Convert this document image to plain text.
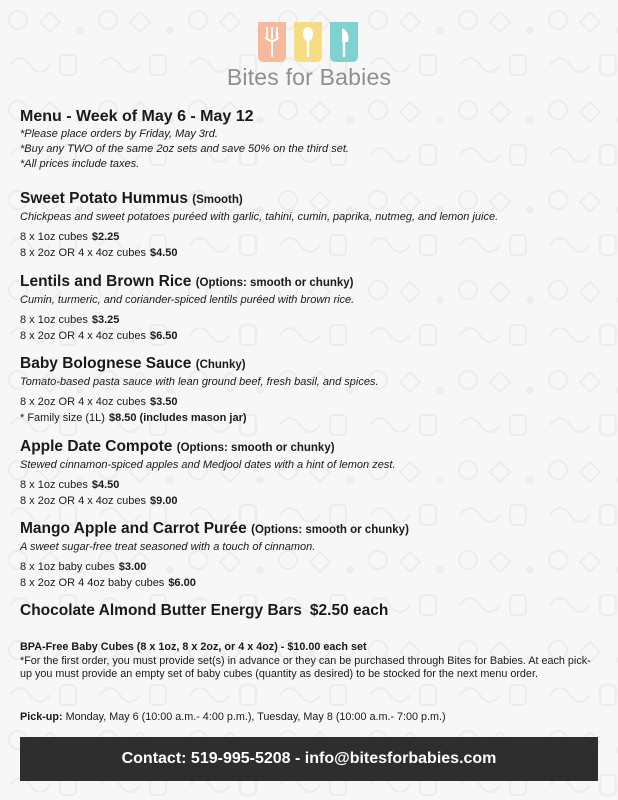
Bites for Babies
Menu - Week of May 6 - May 12
*Please place orders by Friday, May 3rd.
*Buy any TWO of the same 2oz sets and save 50% on the third set.
*All prices include taxes.
Sweet Potato Hummus (Smooth)
Chickpeas and sweet potatoes puréed with garlic, tahini, cumin, paprika, nutmeg, and lemon juice.
8 x 1oz cubes $2.25
8 x 2oz OR 4 x 4oz cubes $4.50
Lentils and Brown Rice (Options: smooth or chunky)
Cumin, turmeric, and coriander-spiced lentils puréed with brown rice.
8 x 1oz cubes $3.25
8 x 2oz OR 4 x 4oz cubes $6.50
Baby Bolognese Sauce (Chunky)
Tomato-based pasta sauce with lean ground beef, fresh basil, and spices.
8 x 2oz OR 4 x 4oz cubes $3.50
* Family size (1L) $8.50 (includes mason jar)
Apple Date Compote (Options: smooth or chunky)
Stewed cinnamon-spiced apples and Medjool dates with a hint of lemon zest.
8 x 1oz cubes $4.50
8 x 2oz OR 4 x 4oz cubes $9.00
Mango Apple and Carrot Purée (Options: smooth or chunky)
A sweet sugar-free treat seasoned with a touch of cinnamon.
8 x 1oz baby cubes $3.00
8 x 2oz OR 4 4oz baby cubes $6.00
Chocolate Almond Butter Energy Bars $2.50 each
BPA-Free Baby Cubes (8 x 1oz, 8 x 2oz, or 4 x 4oz) - $10.00 each set
*For the first order, you must provide set(s) in advance or they can be purchased through Bites for Babies. At each pick-up you must provide an empty set of baby cubes (quantity as desired) to be stocked for the next menu order.
Pick-up: Monday, May 6 (10:00 a.m.- 4:00 p.m.), Tuesday, May 8 (10:00 a.m.- 7:00 p.m.)
Contact: 519-995-5208 - info@bitesforbabies.com
